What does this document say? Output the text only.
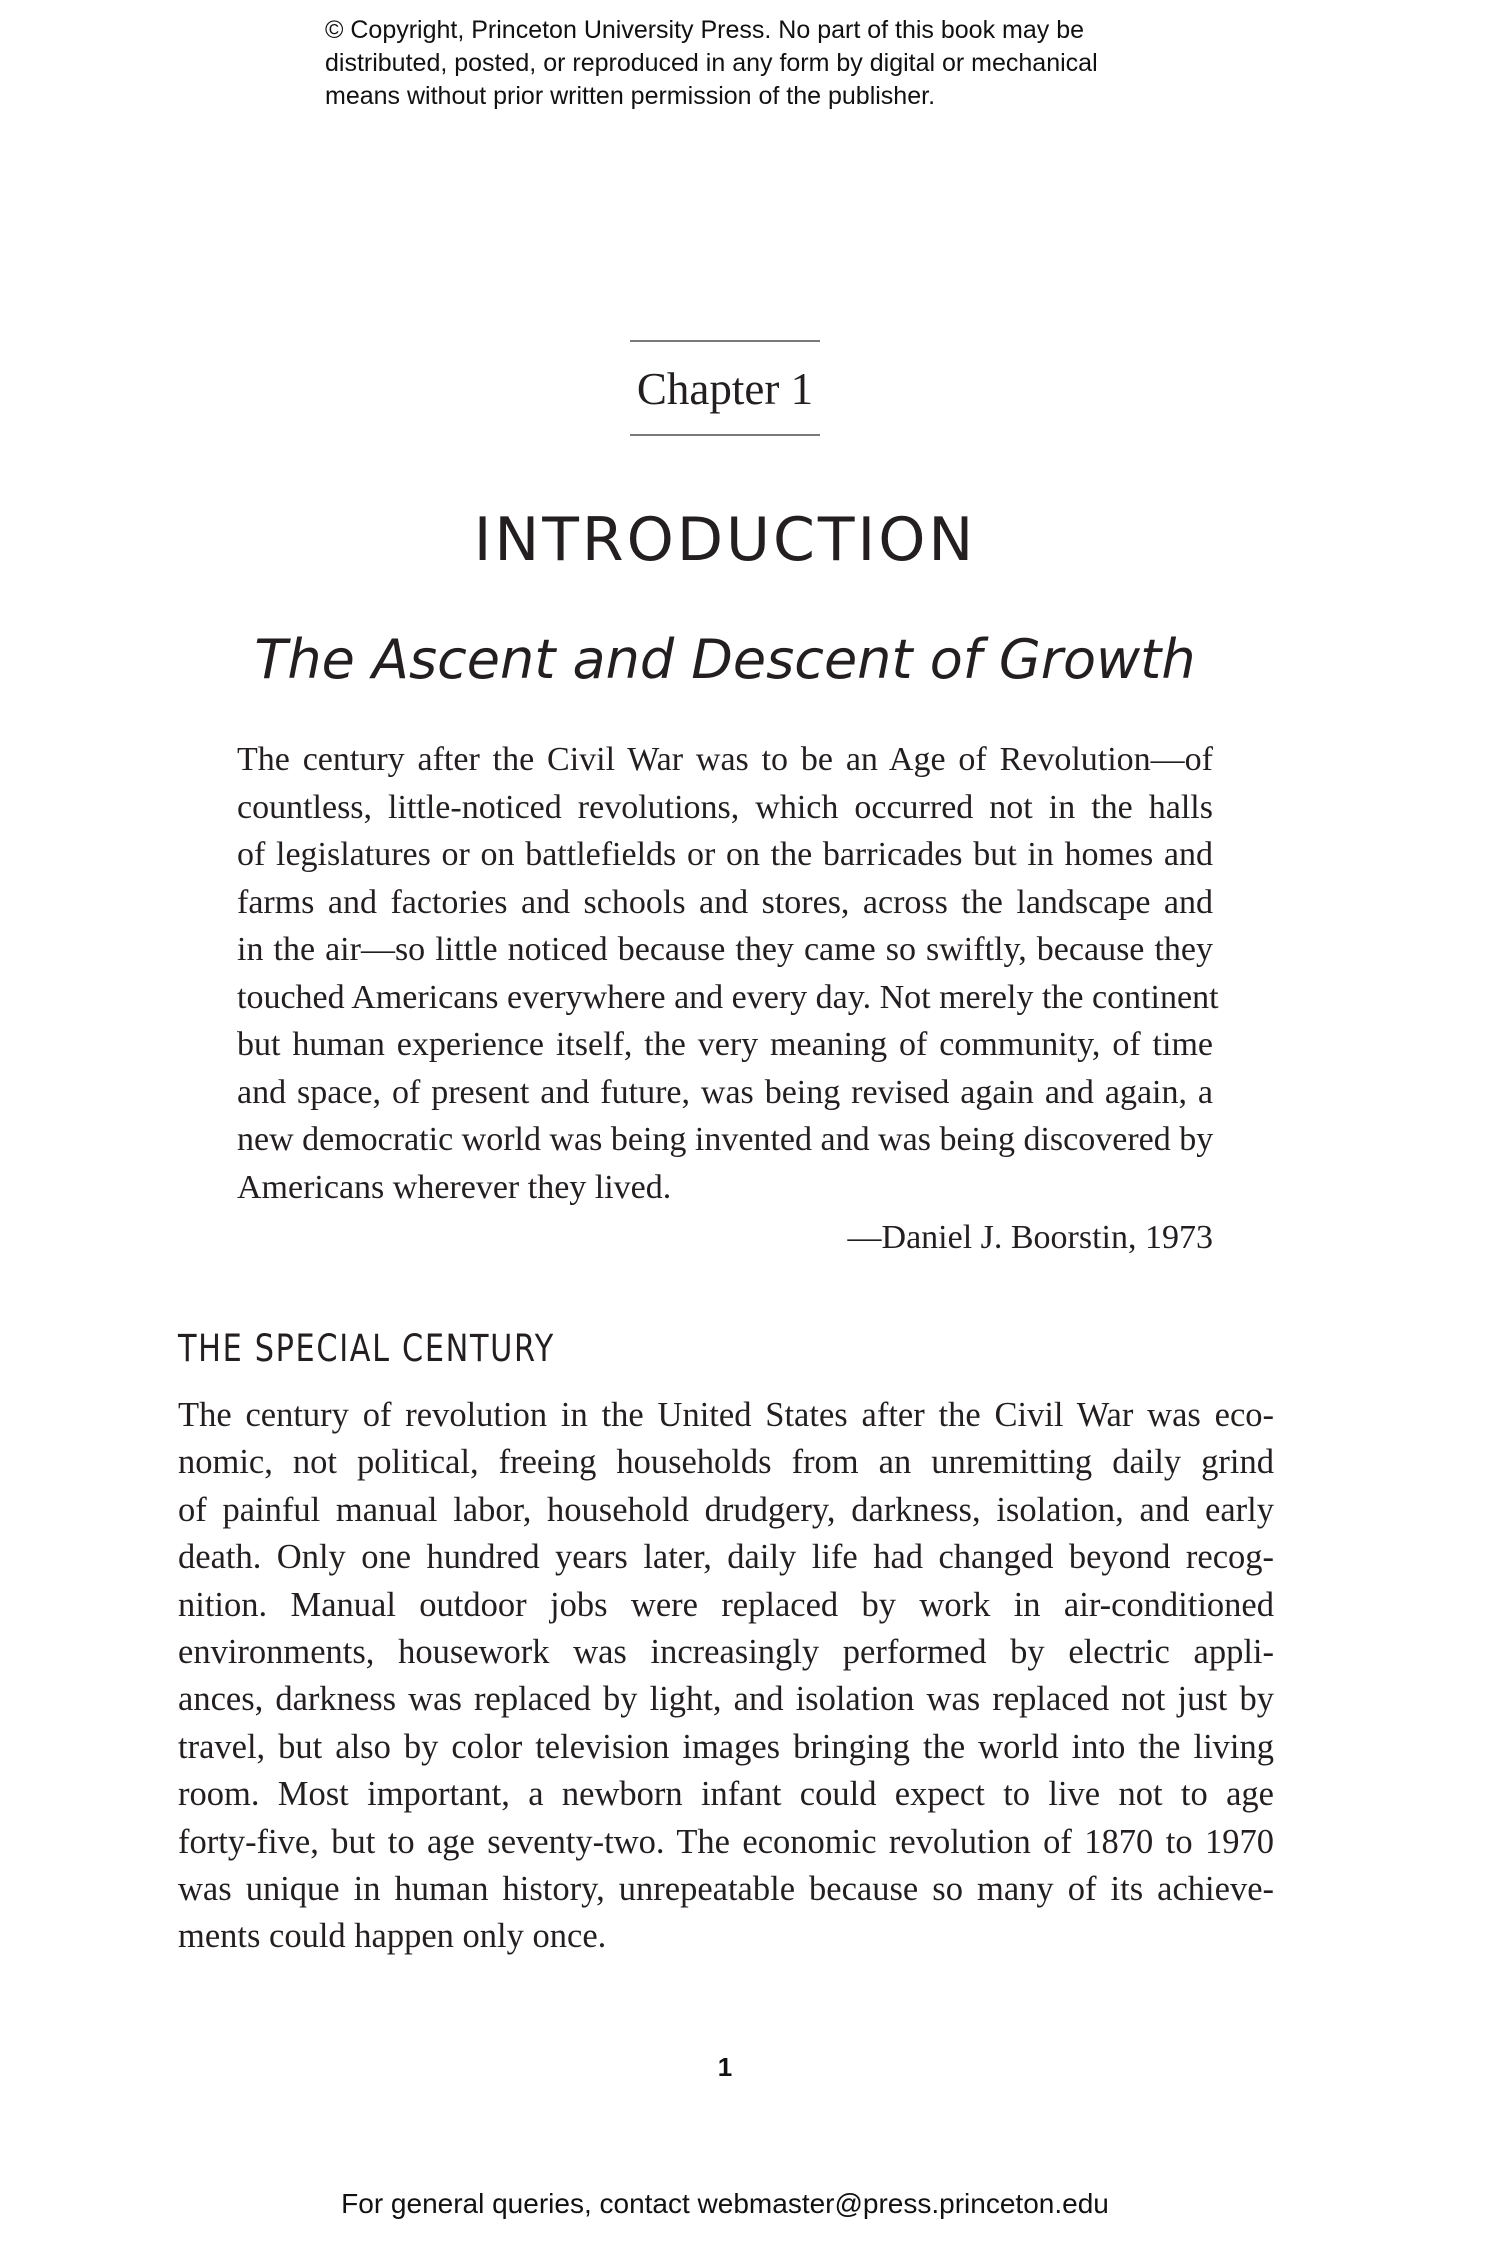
© Copyright, Princeton University Press. No part of this book may be
distributed, posted, or reproduced in any form by digital or mechanical
means without prior written permission of the publisher.
Chapter 1
INTRODUCTION
The Ascent and Descent of Growth
The century after the Civil War was to be an Age of Revolution—of
countless, little-noticed revolutions, which occurred not in the halls
of legislatures or on battlefields or on the barricades but in homes and
farms and factories and schools and stores, across the landscape and
in the air—so little noticed because they came so swiftly, because they
touched Americans everywhere and every day. Not merely the continent
but human experience itself, the very meaning of community, of time
and space, of present and future, was being revised again and again, a
new democratic world was being invented and was being discovered by
Americans wherever they lived.
—Daniel J. Boorstin, 1973
THE SPECIAL CENTURY
The century of revolution in the United States after the Civil War was eco-
nomic, not political, freeing households from an unremitting daily grind
of painful manual labor, household drudgery, darkness, isolation, and early
death. Only one hundred years later, daily life had changed beyond recog-
nition. Manual outdoor jobs were replaced by work in air-conditioned
environments, housework was increasingly performed by electric appli-
ances, darkness was replaced by light, and isolation was replaced not just by
travel, but also by color television images bringing the world into the living
room. Most important, a newborn infant could expect to live not to age
forty-five, but to age seventy-two. The economic revolution of 1870 to 1970
was unique in human history, unrepeatable because so many of its achieve-
ments could happen only once.
1
For general queries, contact webmaster@press.princeton.edu
